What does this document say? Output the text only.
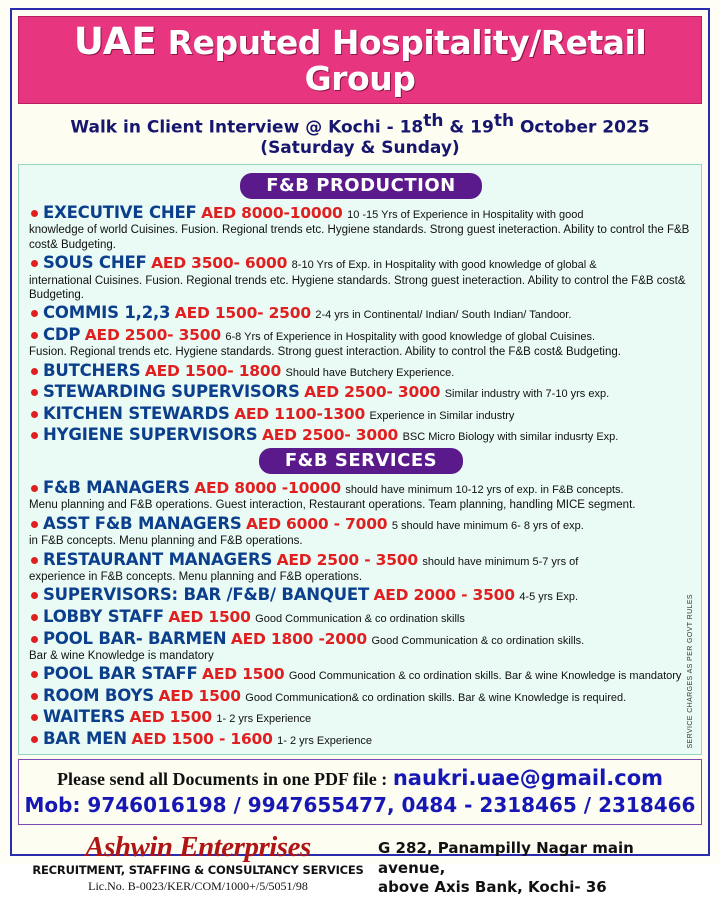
UAE Reputed Hospitality/Retail Group
Walk in Client Interview @ Kochi - 18th & 19th October 2025 (Saturday & Sunday)
F&B PRODUCTION
EXECUTIVE CHEF AED 8000-10000 10 -15 Yrs of Experience in Hospitality with good
knowledge of world Cuisines. Fusion. Regional trends etc. Hygiene standards. Strong guest ineteraction. Ability to control the F&B cost& Budgeting.
SOUS CHEF AED 3500- 6000 8-10 Yrs of Exp. in Hospitality with good knowledge of global &
international Cuisines. Fusion. Regional trends etc. Hygiene standards. Strong guest ineteraction. Ability to control the F&B cost& Budgeting.
COMMIS 1,2,3 AED 1500- 2500 2-4 yrs in Continental/ Indian/ South Indian/ Tandoor.
CDP AED 2500- 3500 6-8 Yrs of Experience in Hospitality with good knowledge of global Cuisines.
Fusion. Regional trends etc. Hygiene standards. Strong guest interaction. Ability to control the F&B cost& Budgeting.
BUTCHERS AED 1500- 1800 Should have Butchery Experience.
STEWARDING SUPERVISORS AED 2500- 3000 Similar industry with 7-10 yrs exp.
KITCHEN STEWARDS AED 1100-1300 Experience in Similar industry
HYGIENE SUPERVISORS AED 2500- 3000 BSC Micro Biology with similar indusrty Exp.
F&B SERVICES
F&B MANAGERS AED 8000 -10000 should have minimum 10-12 yrs of exp. in F&B concepts.
Menu planning and F&B operations. Guest interaction, Restaurant operations. Team planning, handling MICE segment.
ASST F&B MANAGERS AED 6000 - 7000 5 should have minimum 6- 8 yrs of exp.
in F&B concepts. Menu planning and F&B operations.
RESTAURANT MANAGERS AED 2500 - 3500 should have minimum 5-7 yrs of
experience in F&B concepts. Menu planning and F&B operations.
SUPERVISORS: BAR /F&B/ BANQUET AED 2000 - 3500 4-5 yrs Exp.
LOBBY STAFF AED 1500 Good Communication & co ordination skills
POOL BAR- BARMEN AED 1800 -2000 Good Communication & co ordination skills.
Bar & wine Knowledge is mandatory
POOL BAR STAFF AED 1500 Good Communication & co ordination skills. Bar & wine Knowledge is mandatory
ROOM BOYS AED 1500 Good Communication& co ordination skills. Bar & wine Knowledge is required.
WAITERS AED 1500 1- 2 yrs Experience
BAR MEN AED 1500 - 1600 1- 2 yrs Experience	SERVICE CHARGES AS PER GOVT RULES
Please send all Documents in one PDF file : naukri.uae@gmail.com
Mob: 9746016198 / 9947655477, 0484 - 2318465 / 2318466
Ashwin Enterprises
RECRUITMENT, STAFFING & CONSULTANCY SERVICES
Lic.No. B-0023/KER/COM/1000+/5/5051/98
G 282, Panampilly Nagar main avenue,
above Axis Bank, Kochi- 36
